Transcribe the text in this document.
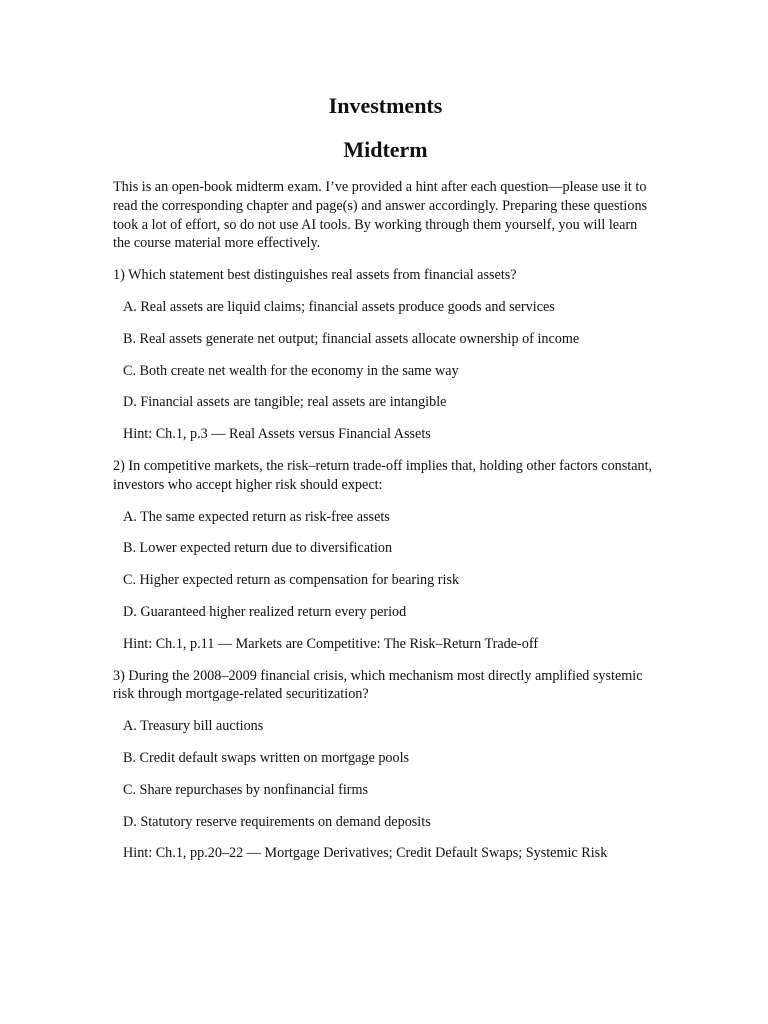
Investments
Midterm

This is an open-book midterm exam. I’ve provided a hint after each question—please use it to read the corresponding chapter and page(s) and answer accordingly. Preparing these questions took a lot of effort, so do not use AI tools. By working through them yourself, you will learn the course material more effectively.

1) Which statement best distinguishes real assets from financial assets?

A. Real assets are liquid claims; financial assets produce goods and services

B. Real assets generate net output; financial assets allocate ownership of income

C. Both create net wealth for the economy in the same way

D. Financial assets are tangible; real assets are intangible

Hint: Ch.1, p.3 — Real Assets versus Financial Assets

2) In competitive markets, the risk–return trade-off implies that, holding other factors constant, investors who accept higher risk should expect:

A. The same expected return as risk-free assets

B. Lower expected return due to diversification

C. Higher expected return as compensation for bearing risk

D. Guaranteed higher realized return every period

Hint: Ch.1, p.11 — Markets are Competitive: The Risk–Return Trade-off

3) During the 2008–2009 financial crisis, which mechanism most directly amplified systemic risk through mortgage-related securitization?

A. Treasury bill auctions

B. Credit default swaps written on mortgage pools

C. Share repurchases by nonfinancial firms

D. Statutory reserve requirements on demand deposits

Hint: Ch.1, pp.20–22 — Mortgage Derivatives; Credit Default Swaps; Systemic Risk
